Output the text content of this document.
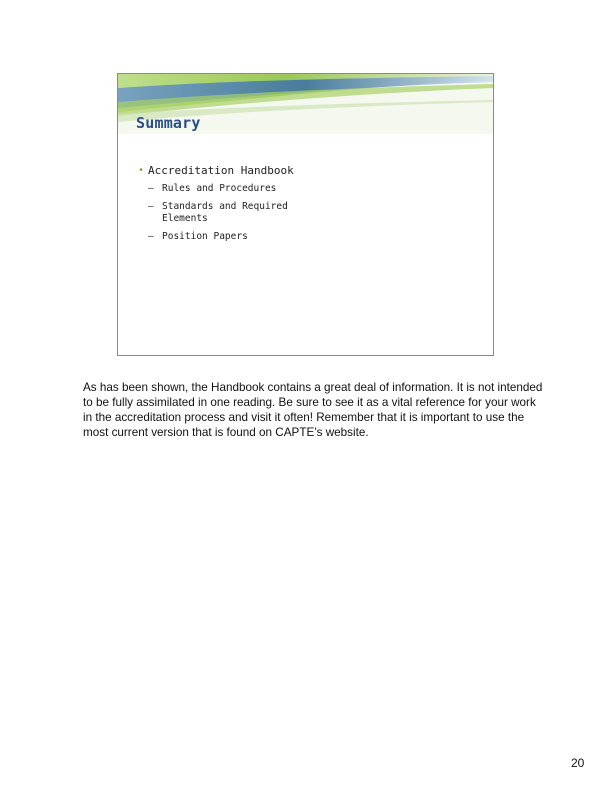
Summary
• Accreditation Handbook
– Rules and Procedures
– Standards and Required Elements
– Position Papers
As has been shown, the Handbook contains a great deal of information. It is not intended to be fully assimilated in one reading. Be sure to see it as a vital reference for your work in the accreditation process and visit it often! Remember that it is important to use the most current version that is found on CAPTE’s website.
20
